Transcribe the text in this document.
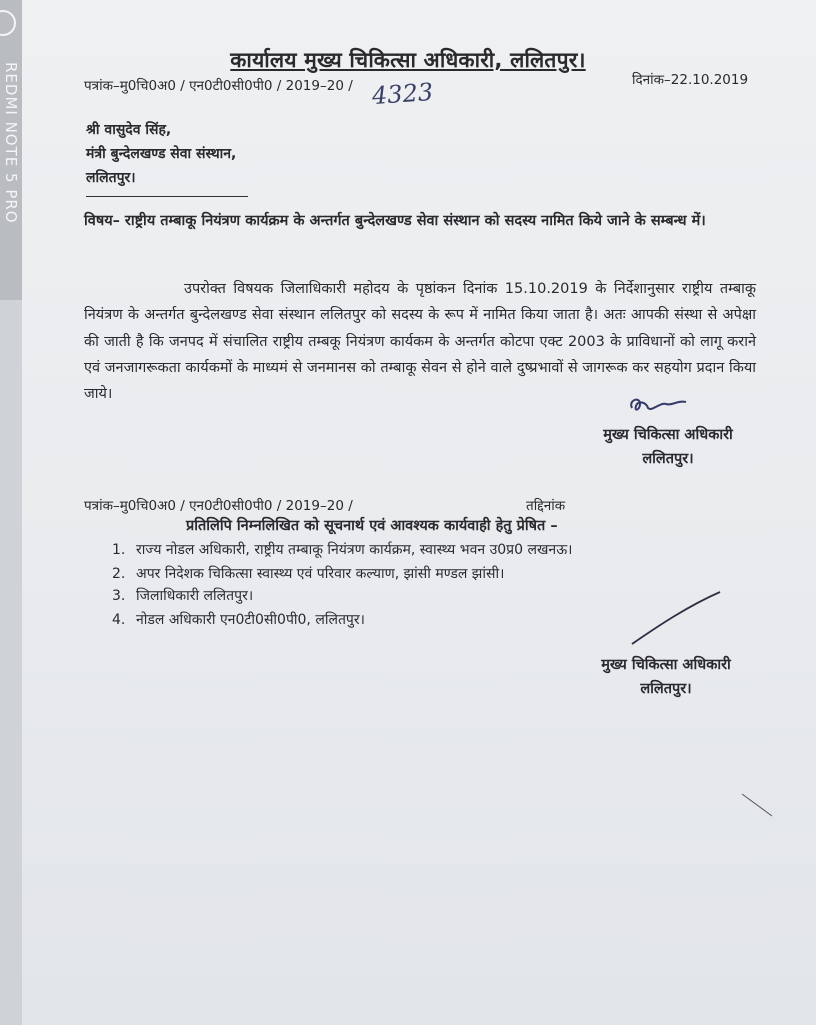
REDMI NOTE 5 PRO
कार्यालय मुख्य चिकित्सा अधिकारी, ललितपुर।
पत्रांक–मु0चि0अ0 / एन0टी0सी0पी0 / 2019–20 / 4323	दिनांक–22.10.2019
श्री वासुदेव सिंह,
मंत्री बुन्देलखण्ड सेवा संस्थान,
ललितपुर।
विषय– राष्ट्रीय तम्बाकू नियंत्रण कार्यक्रम के अन्तर्गत बुन्देलखण्ड सेवा संस्थान को सदस्य नामित किये जाने के सम्बन्ध में।
उपरोक्त विषयक जिलाधिकारी महोदय के पृष्ठांकन दिनांक 15.10.2019 के निर्देशानुसार राष्ट्रीय तम्बाकू नियंत्रण के अन्तर्गत बुन्देलखण्ड सेवा संस्थान ललितपुर को सदस्य के रूप में नामित किया जाता है। अतः आपकी संस्था से अपेक्षा की जाती है कि जनपद में संचालित राष्ट्रीय तम्बकू नियंत्रण कार्यकम के अन्तर्गत कोटपा एक्ट 2003 के प्राविधानों को लागू कराने एवं जनजागरूकता कार्यकमों के माध्यमं से जनमानस को तम्बाकू सेवन से होने वाले दुष्प्रभावों से जागरूक कर सहयोग प्रदान किया जाये।
मुख्य चिकित्सा अधिकारी
ललितपुर।
पत्रांक–मु0चि0अ0 / एन0टी0सी0पी0 / 2019–20 /	तद्दिनांक
प्रतिलिपि निम्नलिखित को सूचनार्थ एवं आवश्यक कार्यवाही हेतु प्रेषित –
1. राज्य नोडल अधिकारी, राष्ट्रीय तम्बाकू नियंत्रण कार्यक्रम, स्वास्थ्य भवन उ0प्र0 लखनऊ।
2. अपर निदेशक चिकित्सा स्वास्थ्य एवं परिवार कल्याण, झांसी मण्डल झांसी।
3. जिलाधिकारी ललितपुर।
4. नोडल अधिकारी एन0टी0सी0पी0, ललितपुर।
मुख्य चिकित्सा अधिकारी
ललितपुर।
